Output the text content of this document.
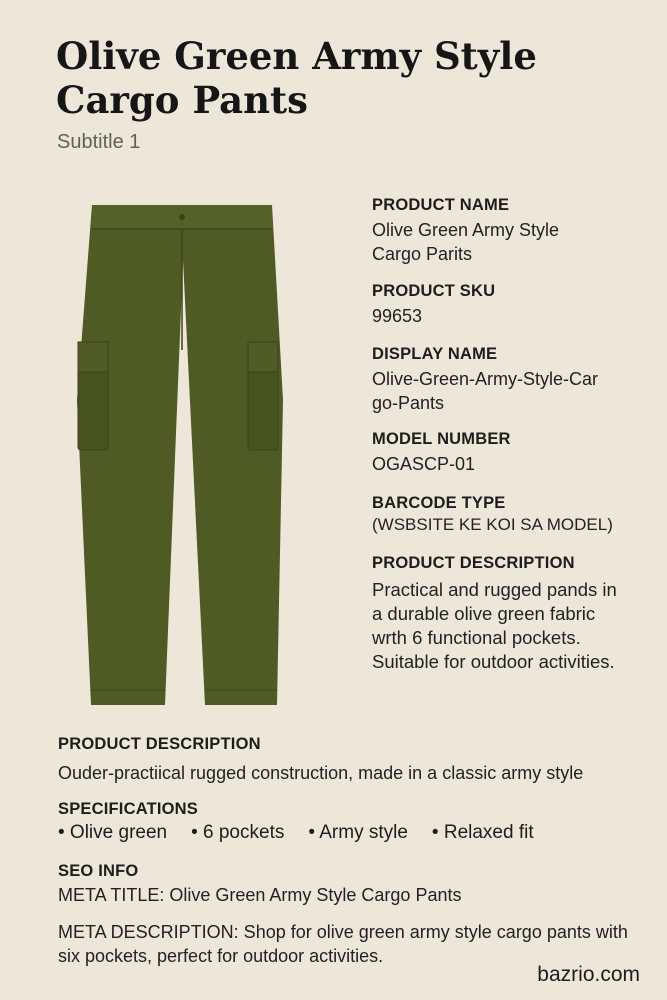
Olive Green Army Style Cargo Pants
Subtitle 1
PRODUCT NAME
Olive Green Army Style Cargo Parits
PRODUCT SKU
99653
DISPLAY NAME
Olive-Green-Army-Style-Cargo-Pants
MODEL NUMBER
OGASCP-01
BARCODE TYPE
(WSBSITE KE KOI SA MODEL)
PRODUCT DESCRIPTION
Practical and rugged pands in a durable olive green fabric wrth 6 functional pockets. Suitable for outdoor activities.
PRODUCT DESCRIPTION
Ouder-practiical rugged construction, made in a classic army style
SPECIFICATIONS
• Olive green • 6 pockets • Army style • Relaxed fit
SEO INFO
META TITLE: Olive Green Army Style Cargo Pants
META DESCRIPTION: Shop for olive green army style cargo pants with six pockets, perfect for outdoor activities.
bazrio.com
